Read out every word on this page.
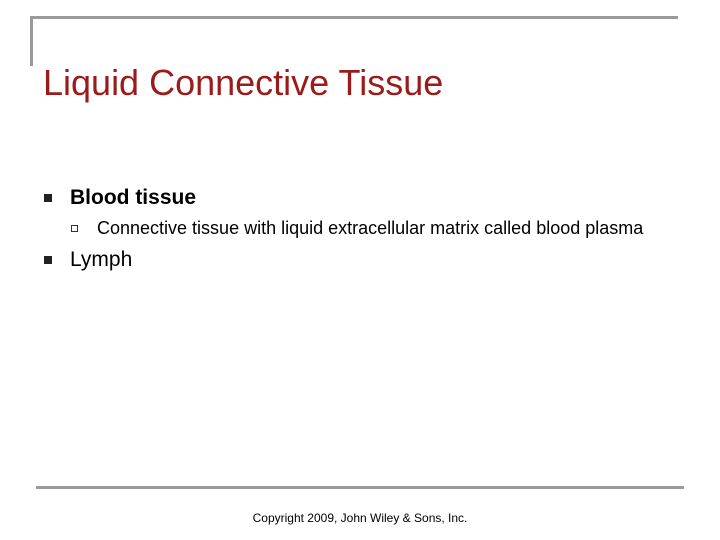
Liquid Connective Tissue
Blood tissue
Connective tissue with liquid extracellular matrix called blood plasma
Lymph
Copyright 2009, John Wiley & Sons, Inc.
